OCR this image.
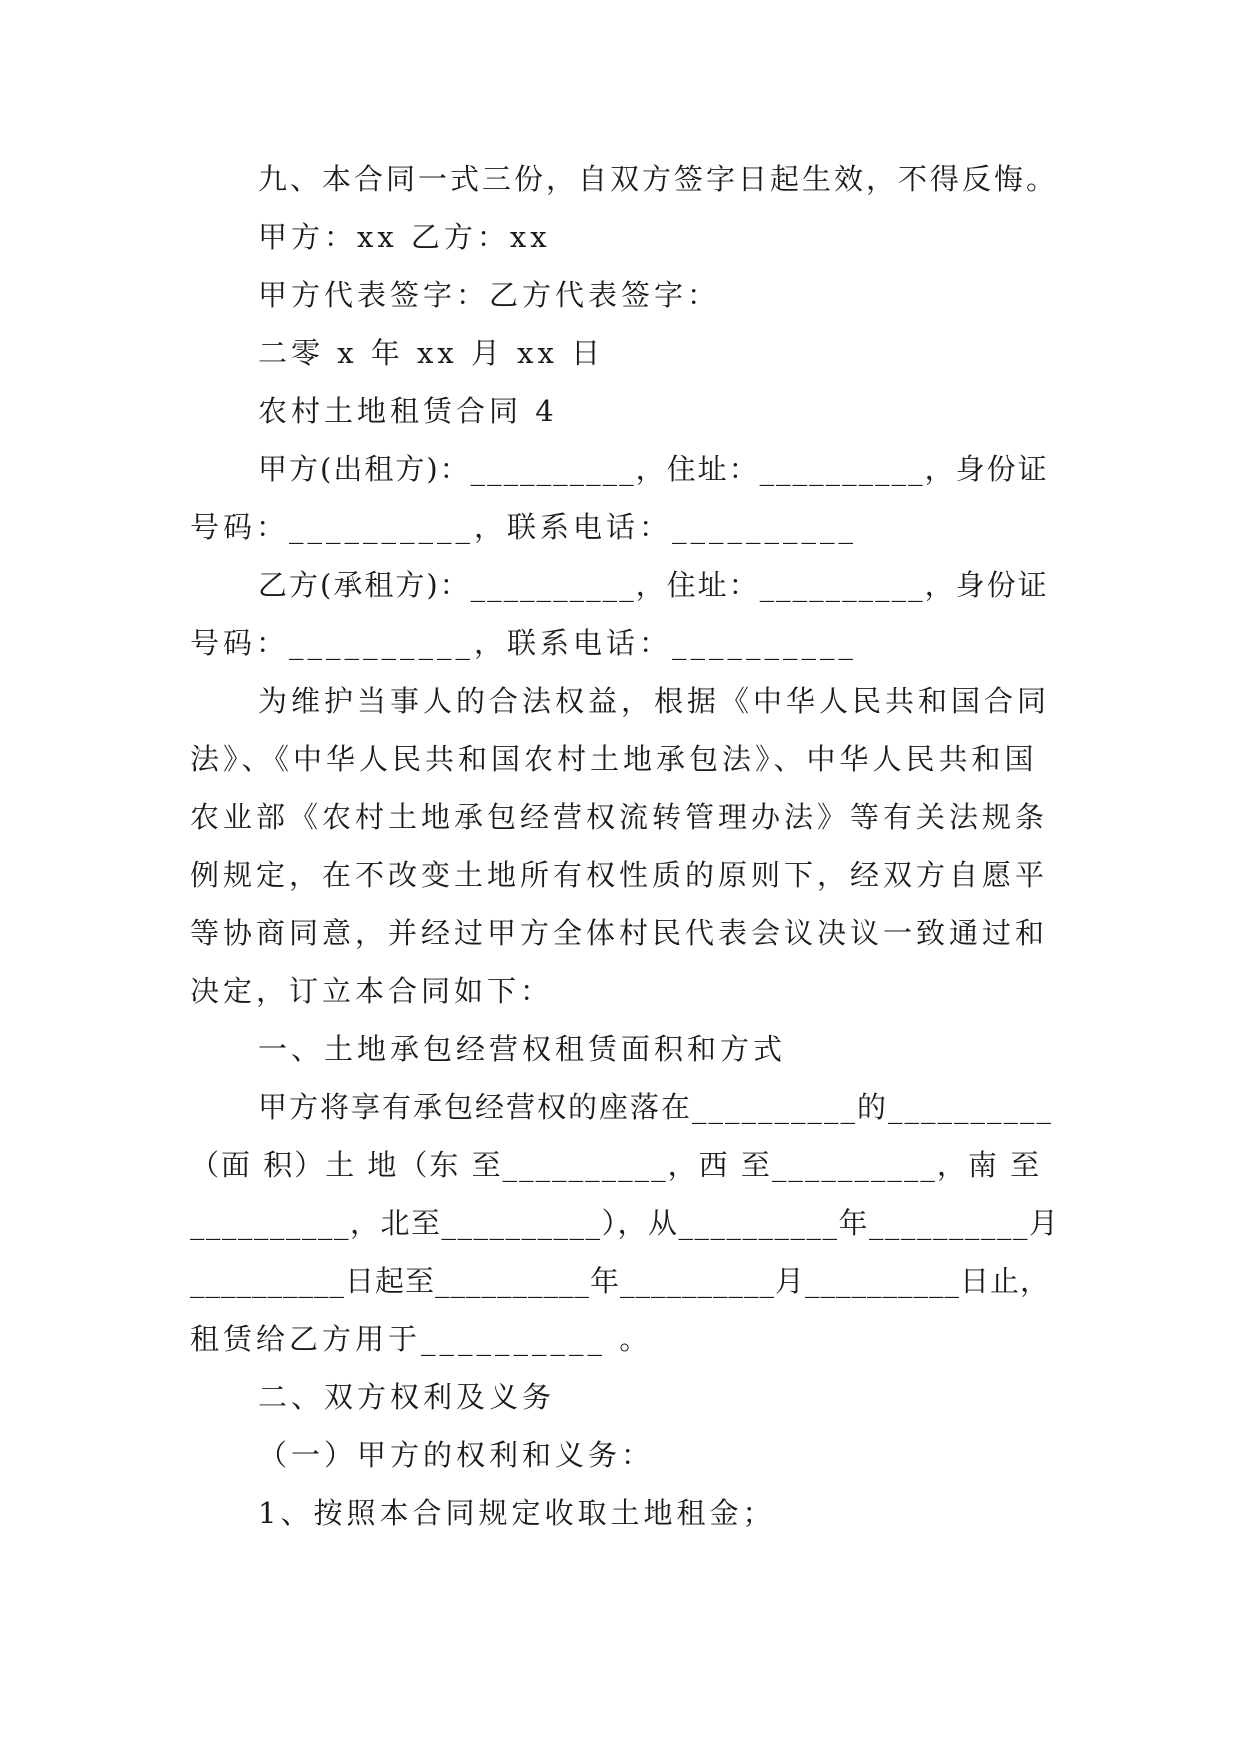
九、本合同一式三份，自双方签字日起生效，不得反悔。
甲方：xx 乙方：xx
甲方代表签字：乙方代表签字：
二零 x 年 xx 月 xx 日
农村土地租赁合同 4
甲方(出租方)：__________，住址：__________，身份证
号码：__________，联系电话：__________
乙方(承租方)：__________，住址：__________，身份证
号码：__________，联系电话：__________
为维护当事人的合法权益，根据《中华人民共和国合同
法》、《中华人民共和国农村土地承包法》、中华人民共和国
农业部《农村土地承包经营权流转管理办法》等有关法规条
例规定，在不改变土地所有权性质的原则下，经双方自愿平
等协商同意，并经过甲方全体村民代表会议决议一致通过和
决定，订立本合同如下：
一、土地承包经营权租赁面积和方式
甲方将享有承包经营权的座落在__________的__________
（面 积）土 地（东 至__________，西 至__________，南 至
__________，北至__________），从__________年__________月
__________日起至__________年__________月__________日止，
租赁给乙方用于__________ 。
二、双方权利及义务
（一）甲方的权利和义务：
1、按照本合同规定收取土地租金；
